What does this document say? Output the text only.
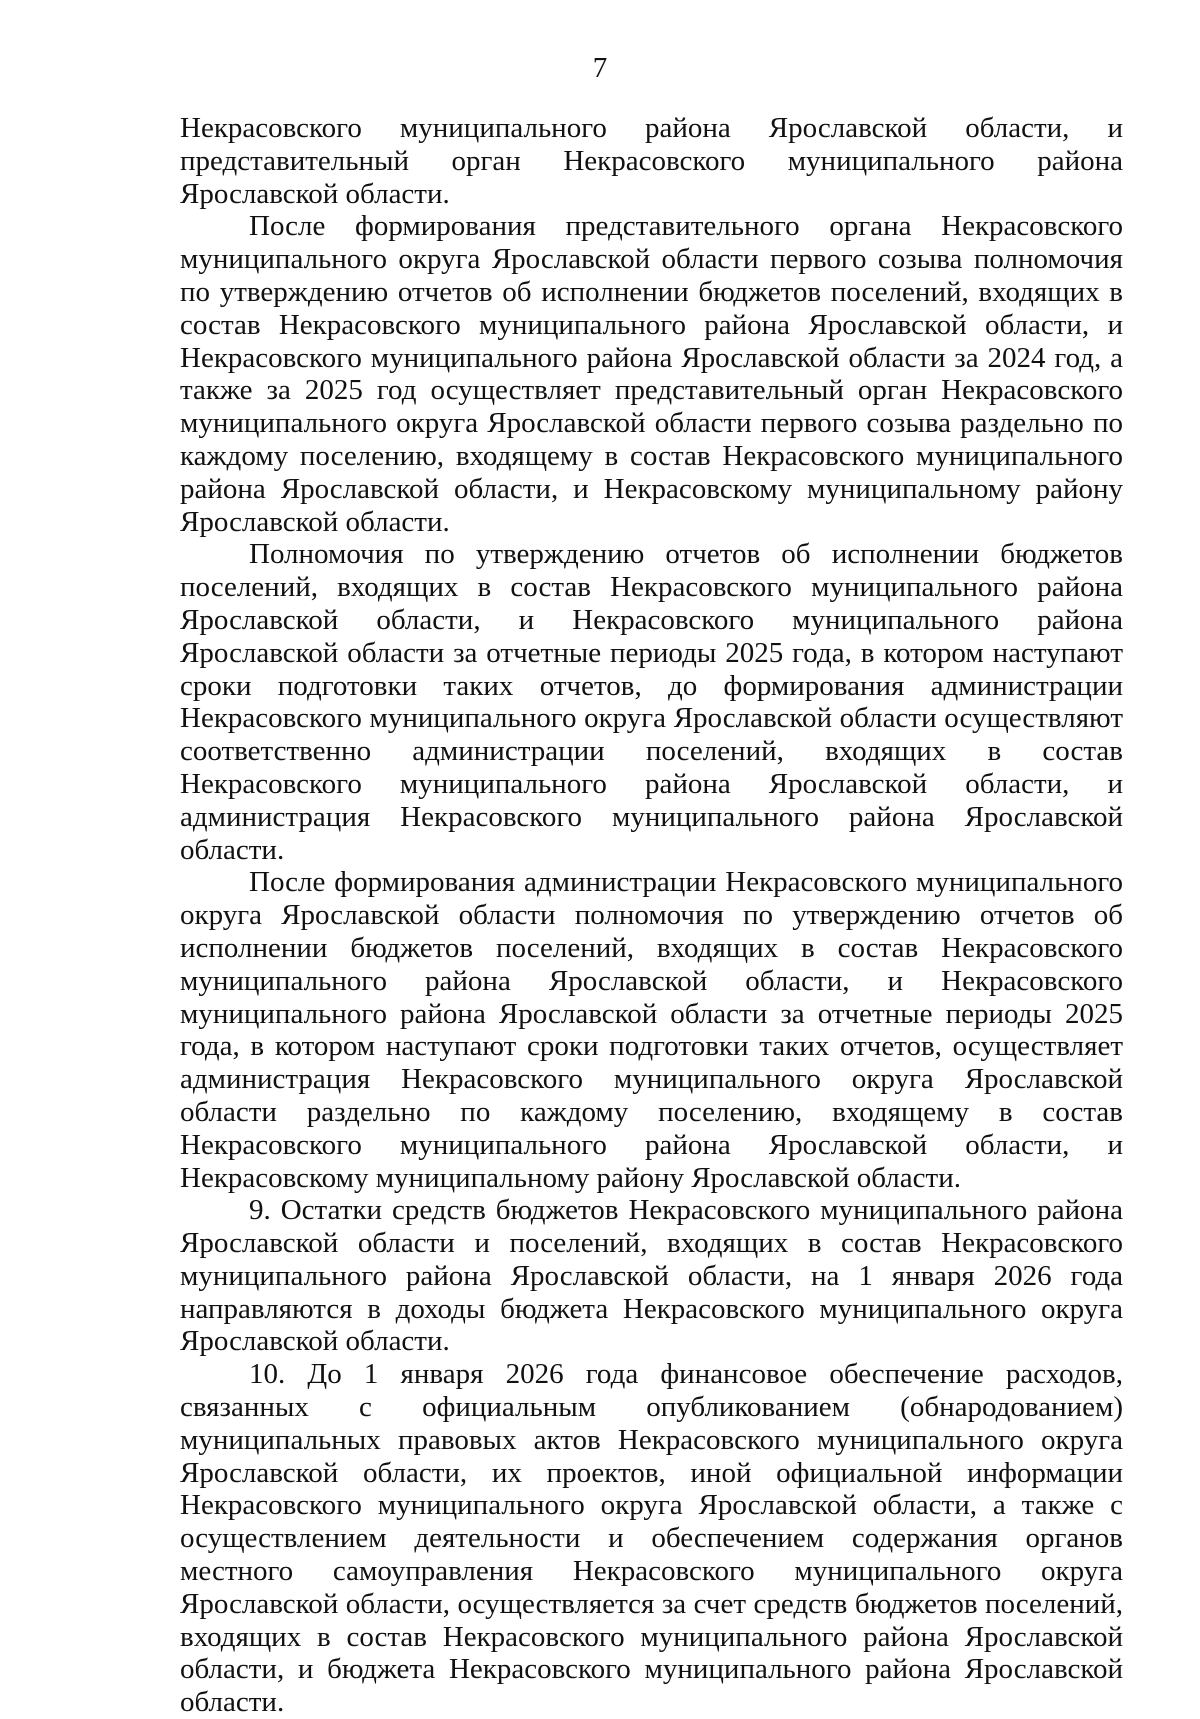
7

Некрасовского муниципального района Ярославской области, и представительный орган Некрасовского муниципального района Ярославской области.

После формирования представительного органа Некрасовского муниципального округа Ярославской области первого созыва полномочия по утверждению отчетов об исполнении бюджетов поселений, входящих в состав Некрасовского муниципального района Ярославской области, и Некрасовского муниципального района Ярославской области за 2024 год, а также за 2025 год осуществляет представительный орган Некрасовского муниципального округа Ярославской области первого созыва раздельно по каждому поселению, входящему в состав Некрасовского муниципального района Ярославской области, и Некрасовскому муниципальному району Ярославской области.

Полномочия по утверждению отчетов об исполнении бюджетов поселений, входящих в состав Некрасовского муниципального района Ярославской области, и Некрасовского муниципального района Ярославской области за отчетные периоды 2025 года, в котором наступают сроки подготовки таких отчетов, до формирования администрации Некрасовского муниципального округа Ярославской области осуществляют соответственно администрации поселений, входящих в состав Некрасовского муниципального района Ярославской области, и администрация Некрасовского муниципального района Ярославской области.

После формирования администрации Некрасовского муниципального округа Ярославской области полномочия по утверждению отчетов об исполнении бюджетов поселений, входящих в состав Некрасовского муниципального района Ярославской области, и Некрасовского муниципального района Ярославской области за отчетные периоды 2025 года, в котором наступают сроки подготовки таких отчетов, осуществляет администрация Некрасовского муниципального округа Ярославской области раздельно по каждому поселению, входящему в состав Некрасовского муниципального района Ярославской области, и Некрасовскому муниципальному району Ярославской области.

9. Остатки средств бюджетов Некрасовского муниципального района Ярославской области и поселений, входящих в состав Некрасовского муниципального района Ярославской области, на 1 января 2026 года направляются в доходы бюджета Некрасовского муниципального округа Ярославской области.

10. До 1 января 2026 года финансовое обеспечение расходов, связанных с официальным опубликованием (обнародованием) муниципальных правовых актов Некрасовского муниципального округа Ярославской области, их проектов, иной официальной информации Некрасовского муниципального округа Ярославской области, а также с осуществлением деятельности и обеспечением содержания органов местного самоуправления Некрасовского муниципального округа Ярославской области, осуществляется за счет средств бюджетов поселений, входящих в состав Некрасовского муниципального района Ярославской области, и бюджета Некрасовского муниципального района Ярославской области.
